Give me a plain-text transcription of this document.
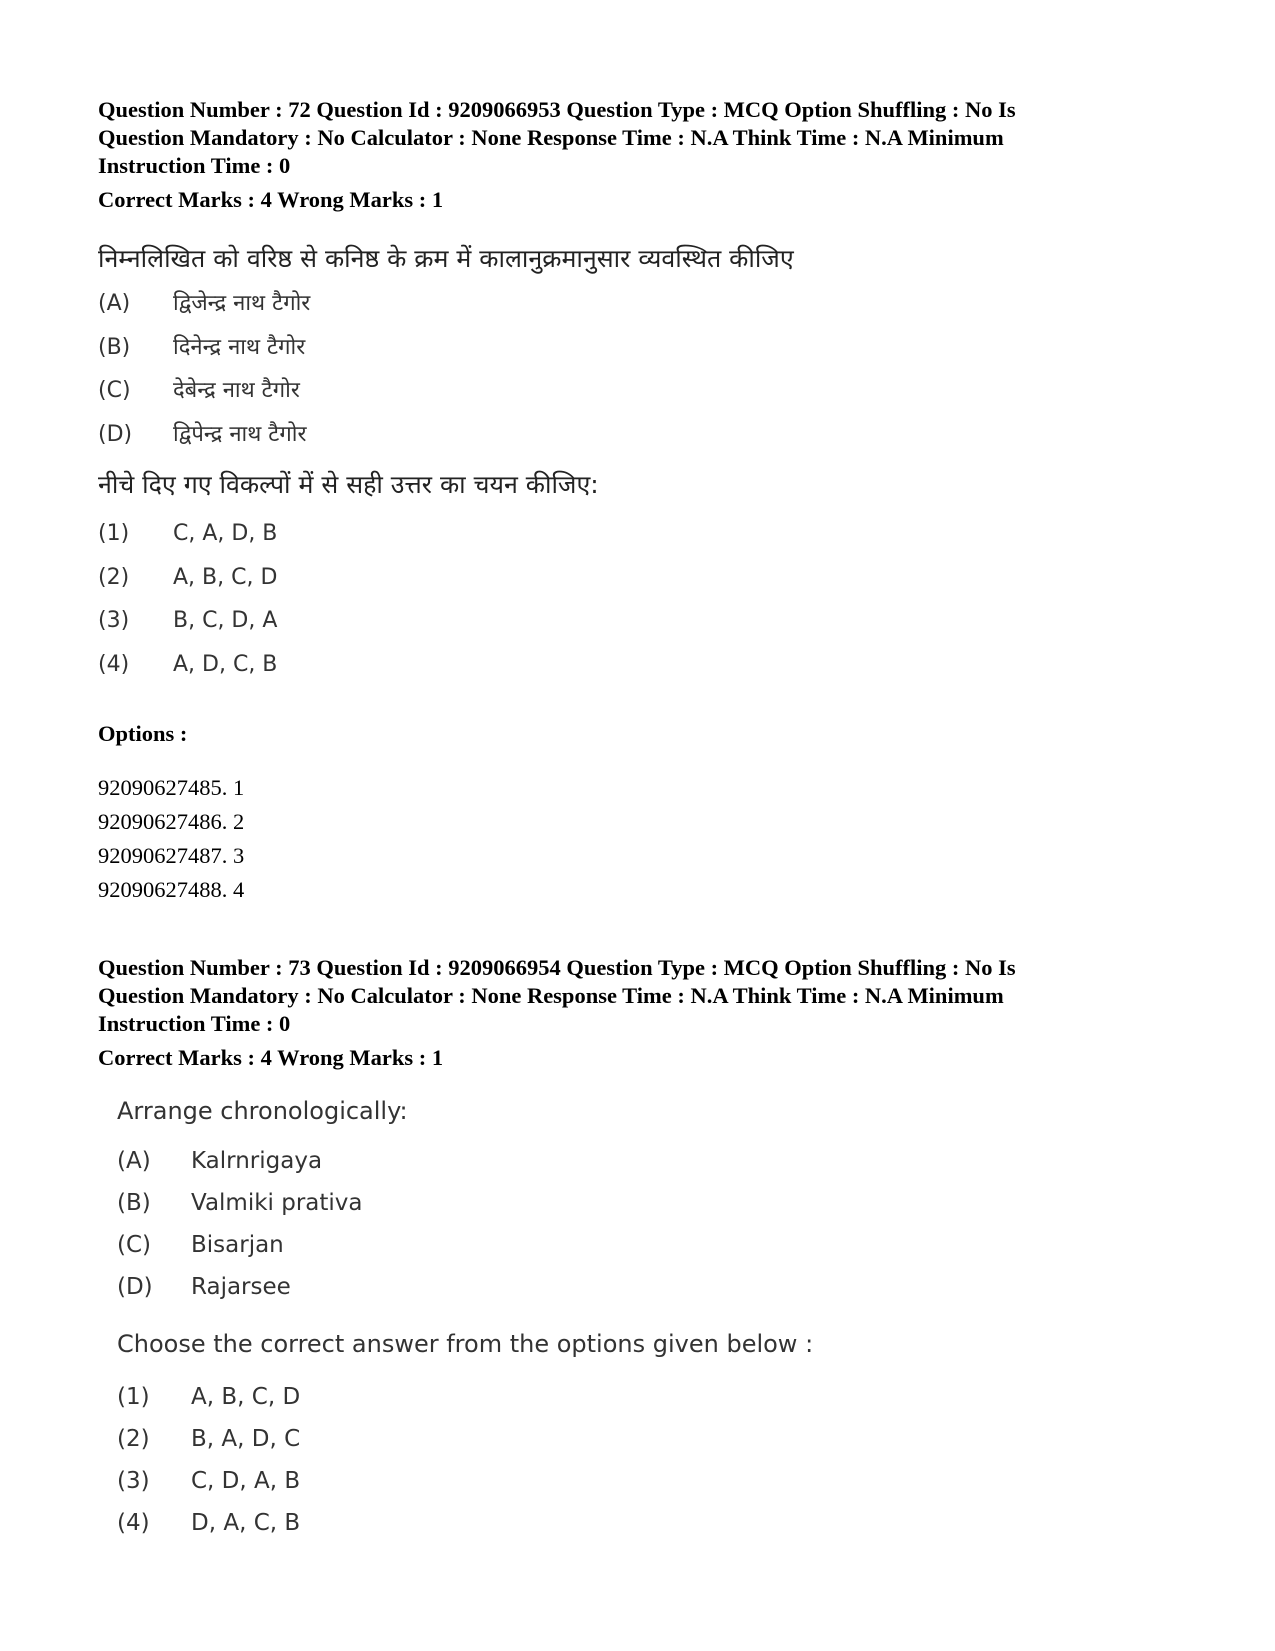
Question Number : 72 Question Id : 9209066953 Question Type : MCQ Option Shuffling : No Is

Question Mandatory : No Calculator : None Response Time : N.A Think Time : N.A Minimum

Instruction Time : 0

Correct Marks : 4 Wrong Marks : 1

निम्नलिखित को वरिष्ठ से कनिष्ठ के क्रम में कालानुक्रमानुसार व्यवस्थित कीजिए
(A)	द्विजेन्द्र नाथ टैगोर
(B)	दिनेन्द्र नाथ टैगोर
(C)	देबेन्द्र नाथ टैगोर
(D)	द्विपेन्द्र नाथ टैगोर
नीचे दिए गए विकल्पों में से सही उत्तर का चयन कीजिए:
(1)	C, A, D, B
(2)	A, B, C, D
(3)	B, C, D, A
(4)	A, D, C, B

Options :

92090627485. 1
92090627486. 2
92090627487. 3
92090627488. 4

Question Number : 73 Question Id : 9209066954 Question Type : MCQ Option Shuffling : No Is

Question Mandatory : No Calculator : None Response Time : N.A Think Time : N.A Minimum

Instruction Time : 0

Correct Marks : 4 Wrong Marks : 1

Arrange chronologically:
(A)	Kalrnrigaya
(B)	Valmiki prativa
(C)	Bisarjan
(D)	Rajarsee
Choose the correct answer from the options given below :
(1)	A, B, C, D
(2)	B, A, D, C
(3)	C, D, A, B
(4)	D, A, C, B
